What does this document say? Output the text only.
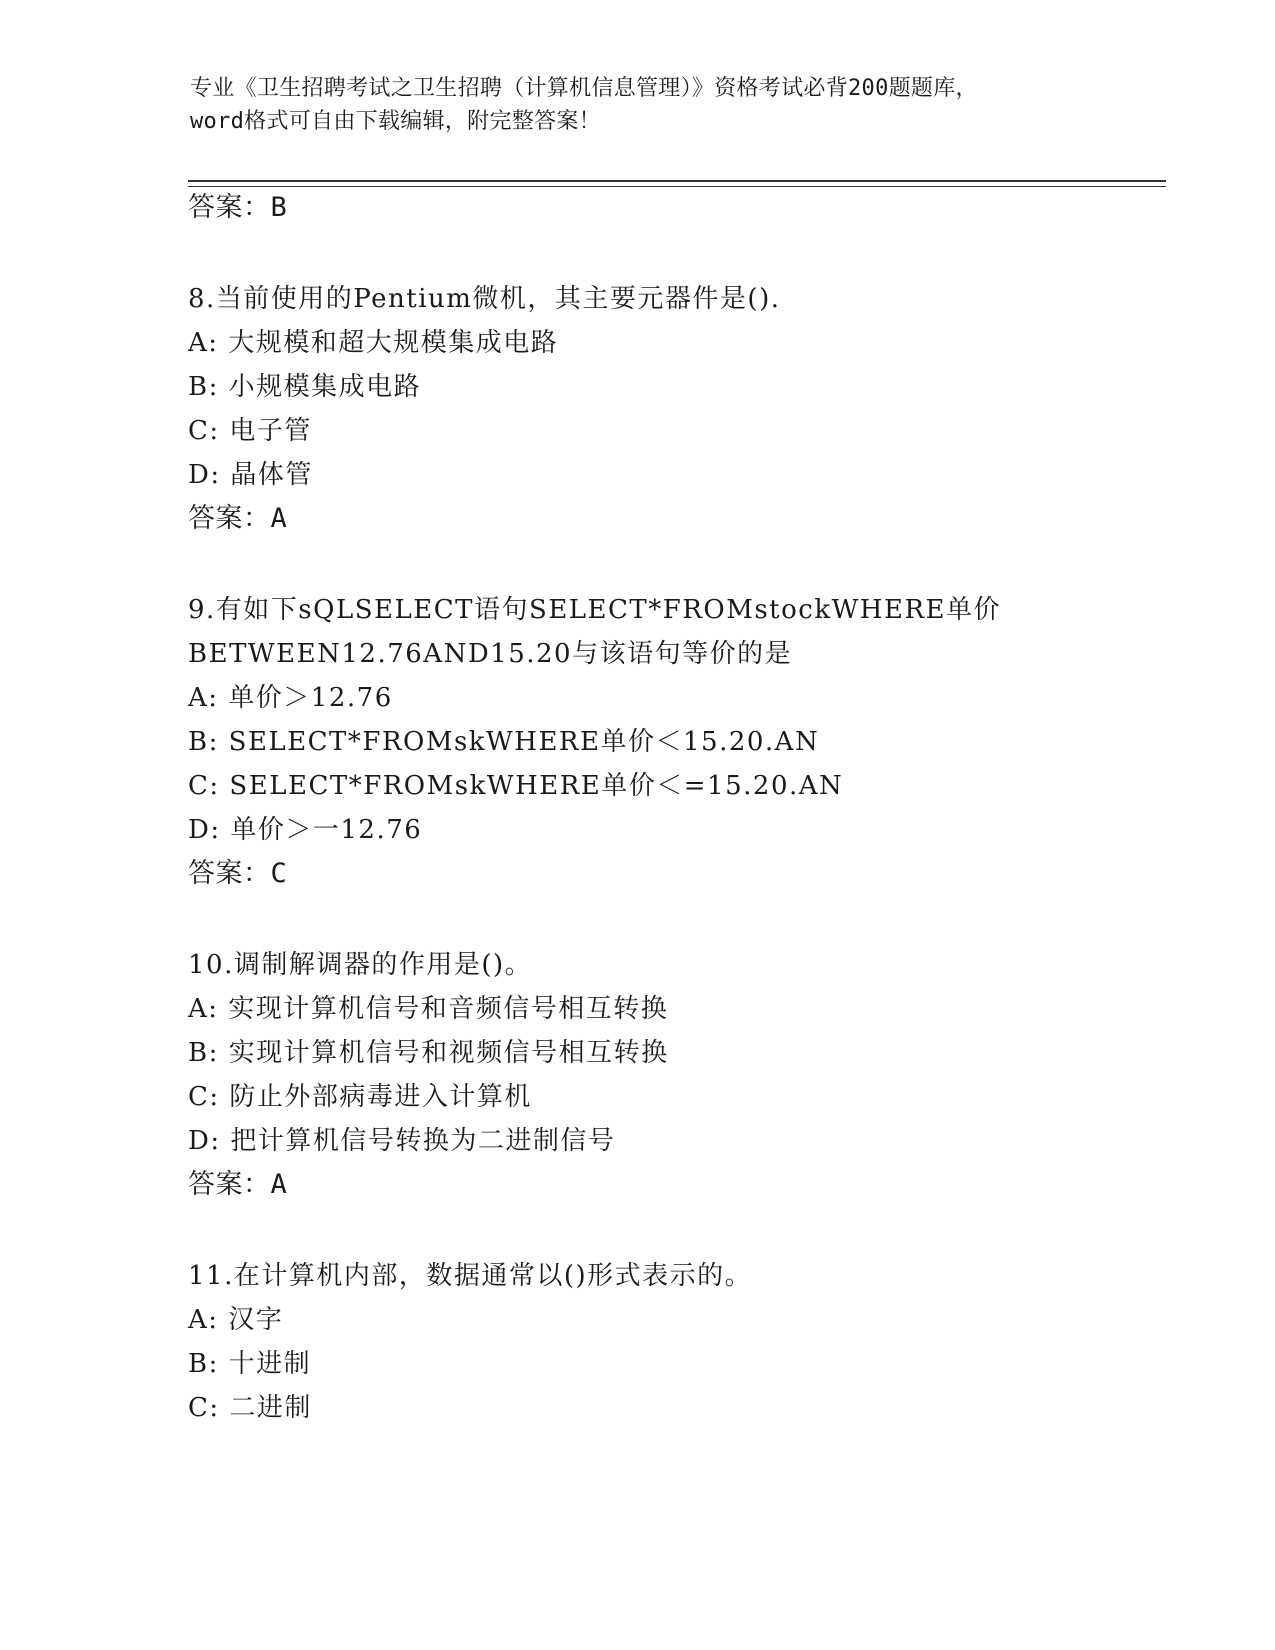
专业《卫生招聘考试之卫生招聘（计算机信息管理）》资格考试必背200题题库，
word格式可自由下载编辑，附完整答案！
答案：B
8.当前使用的Pentium微机，其主要元器件是().
A: 大规模和超大规模集成电路
B: 小规模集成电路
C: 电子管
D: 晶体管
答案：A
9.有如下sQLSELECT语句SELECT*FROMstockWHERE单价
BETWEEN12.76AND15.20与该语句等价的是
A: 单价＞12.76
B: SELECT*FROMskWHERE单价＜15.20.AN
C: SELECT*FROMskWHERE单价＜=15.20.AN
D: 单价＞一12.76
答案：C
10.调制解调器的作用是()。
A: 实现计算机信号和音频信号相互转换
B: 实现计算机信号和视频信号相互转换
C: 防止外部病毒进入计算机
D: 把计算机信号转换为二进制信号
答案：A
11.在计算机内部，数据通常以()形式表示的。
A: 汉字
B: 十进制
C: 二进制
